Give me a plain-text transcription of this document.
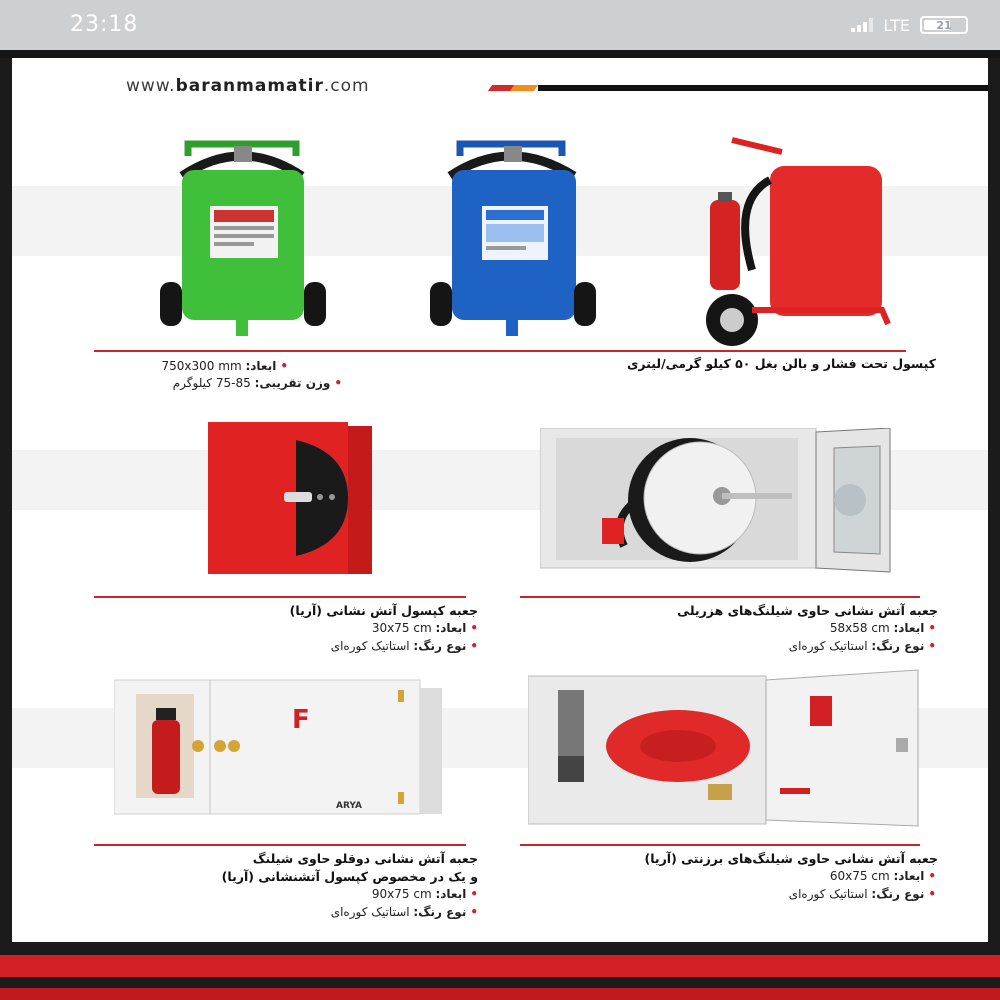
23:18	LTE 21
www.baranmamatir.com
کپسول تحت فشار و بالن بغل ۵۰ کیلو گرمی/لیتری
•ابعاد: 750x300 mm
•وزن تقریبی: 85-75 کیلوگرم
جعبه آتش نشانی حاوی شیلنگ‌های هزریلی
•ابعاد: 58x58 cm
•نوع رنگ: استاتیک کوره‌ای
جعبه کپسول آتش نشانی (آریا)
•ابعاد: 30x75 cm
•نوع رنگ: استاتیک کوره‌ای
F
ARYA
جعبه آتش نشانی حاوی شیلنگ‌های برزنتی (آریا)
•ابعاد: 60x75 cm
•نوع رنگ: استاتیک کوره‌ای
جعبه آتش نشانی دوقلو حاوی شیلنگ
و یک در مخصوص کپسول آتشنشانی (آریا)
•ابعاد: 90x75 cm
•نوع رنگ: استاتیک کوره‌ای
